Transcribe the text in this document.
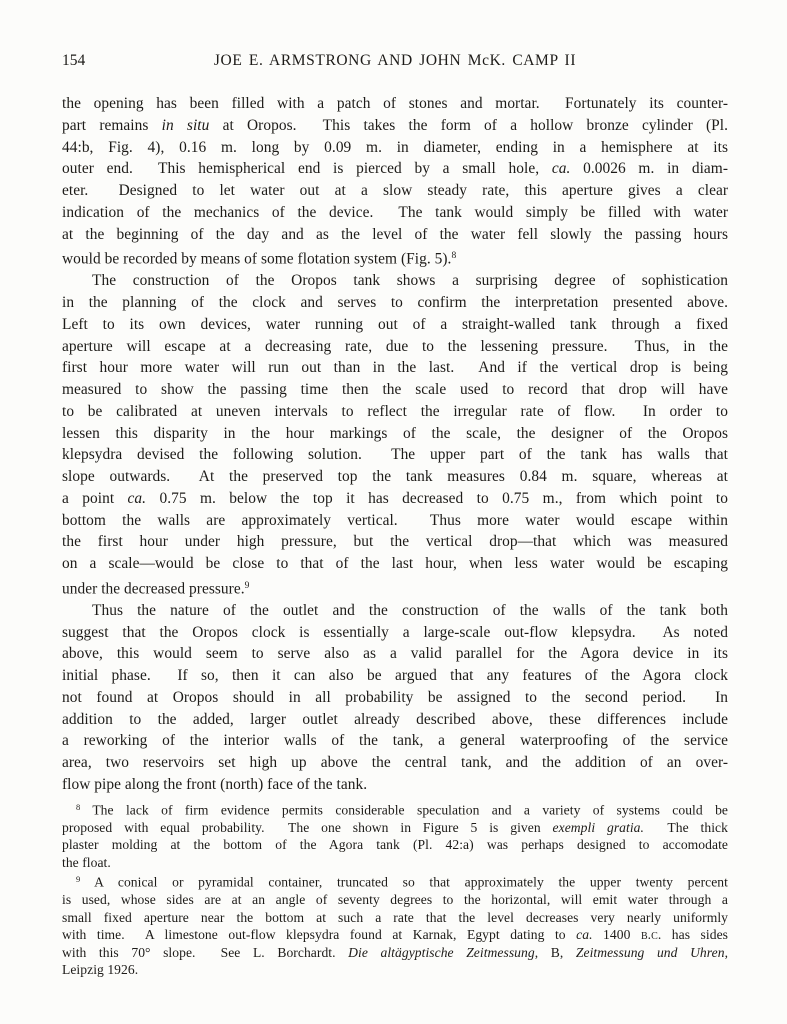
154	JOE E. ARMSTRONG AND JOHN McK. CAMP II
the opening has been filled with a patch of stones and mortar.  Fortunately its counter-
part remains in situ at Oropos.  This takes the form of a hollow bronze cylinder (Pl.
44:b, Fig. 4), 0.16 m. long by 0.09 m. in diameter, ending in a hemisphere at its
outer end.  This hemispherical end is pierced by a small hole, ca. 0.0026 m. in diam-
eter.  Designed to let water out at a slow steady rate, this aperture gives a clear
indication of the mechanics of the device.  The tank would simply be filled with water
at the beginning of the day and as the level of the water fell slowly the passing hours
would be recorded by means of some flotation system (Fig. 5).$^8$
The construction of the Oropos tank shows a surprising degree of sophistication
in the planning of the clock and serves to confirm the interpretation presented above.
Left to its own devices, water running out of a straight-walled tank through a fixed
aperture will escape at a decreasing rate, due to the lessening pressure.  Thus, in the
first hour more water will run out than in the last.  And if the vertical drop is being
measured to show the passing time then the scale used to record that drop will have
to be calibrated at uneven intervals to reflect the irregular rate of flow.  In order to
lessen this disparity in the hour markings of the scale, the designer of the Oropos
klepsydra devised the following solution.  The upper part of the tank has walls that
slope outwards.  At the preserved top the tank measures 0.84 m. square, whereas at
a point ca. 0.75 m. below the top it has decreased to 0.75 m., from which point to
bottom the walls are approximately vertical.  Thus more water would escape within
the first hour under high pressure, but the vertical drop—that which was measured
on a scale—would be close to that of the last hour, when less water would be escaping
under the decreased pressure.$^9$
Thus the nature of the outlet and the construction of the walls of the tank both
suggest that the Oropos clock is essentially a large-scale out-flow klepsydra.  As noted
above, this would seem to serve also as a valid parallel for the Agora device in its
initial phase.  If so, then it can also be argued that any features of the Agora clock
not found at Oropos should in all probability be assigned to the second period.  In
addition to the added, larger outlet already described above, these differences include
a reworking of the interior walls of the tank, a general waterproofing of the service
area, two reservoirs set high up above the central tank, and the addition of an over-
flow pipe along the front (north) face of the tank.
$^8$ The lack of firm evidence permits considerable speculation and a variety of systems could be
proposed with equal probability.  The one shown in Figure 5 is given exempli gratia.  The thick
plaster molding at the bottom of the Agora tank (Pl. 42:a) was perhaps designed to accomodate
the float.
$^9$ A conical or pyramidal container, truncated so that approximately the upper twenty percent
is used, whose sides are at an angle of seventy degrees to the horizontal, will emit water through a
small fixed aperture near the bottom at such a rate that the level decreases very nearly uniformly
with time.  A limestone out-flow klepsydra found at Karnak, Egypt dating to ca. 1400 b.c. has sides
with this 70° slope.  See L. Borchardt. Die altägyptische Zeitmessung, B, Zeitmessung und Uhren,
Leipzig 1926.
